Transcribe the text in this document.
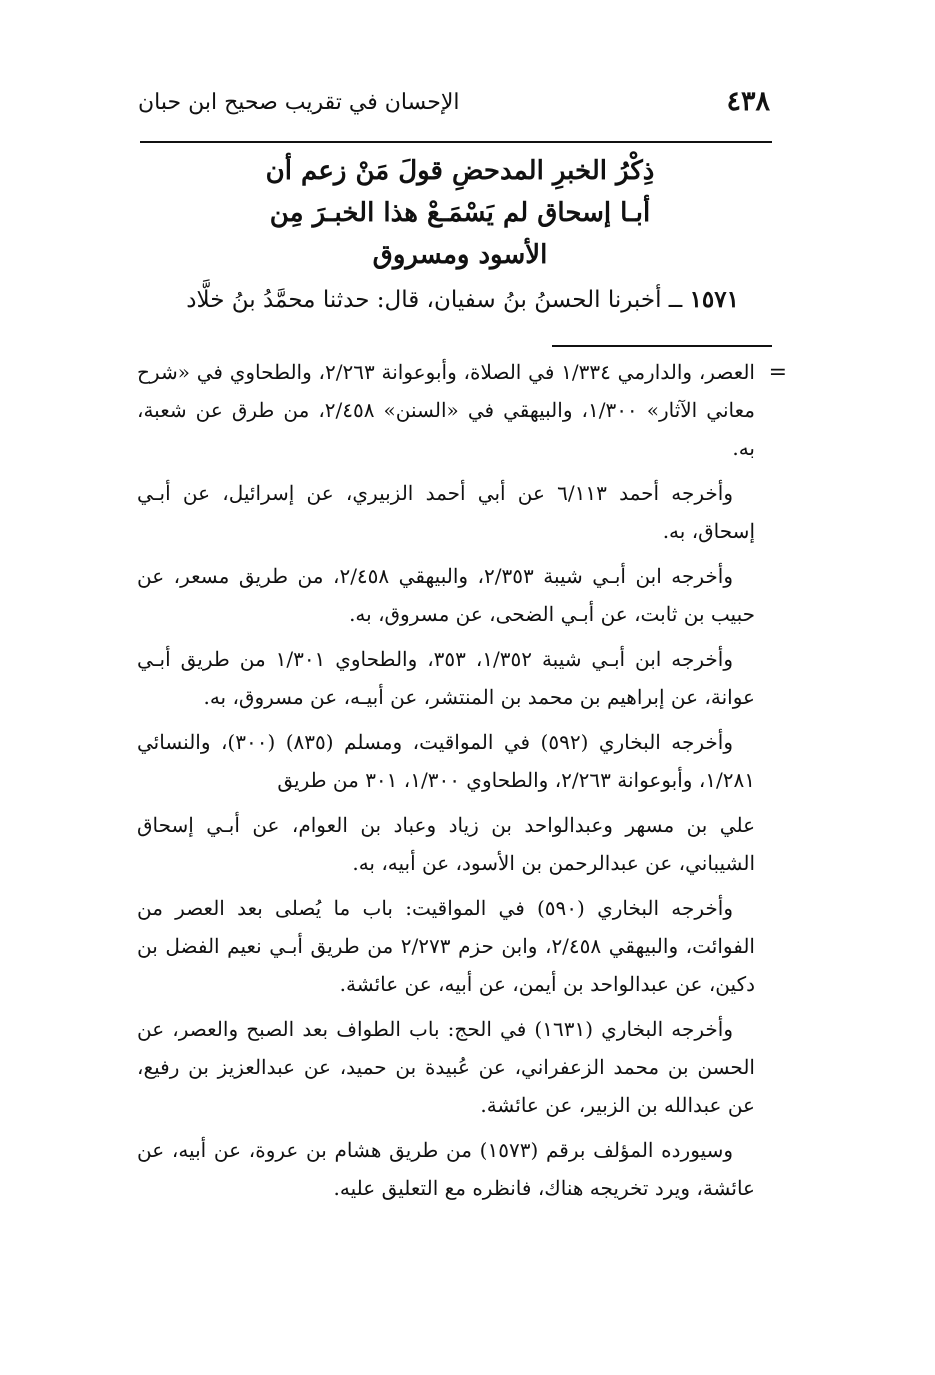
٤٣٨
الإحسان في تقريب صحيح ابن حبان
ذِكْرُ الخبرِ المدحضِ قولَ مَنْ زعم أن
أبـا إسحاق لم يَسْمَـعْ هذا الخبـرَ مِن
الأسود ومسروق
١٥٧١ ــ أخبرنا الحسنُ بنُ سفيان، قال: حدثنا محمَّدُ بنُ خلَّاد
=

العصر، والدارمي ١/٣٣٤ في الصلاة، وأبوعوانة ٢/٢٦٣، والطحاوي في «شرح معاني الآثار» ١/٣٠٠، والبيهقي في «السنن» ٢/٤٥٨، من طرق عن شعبة، به.

وأخرجه أحمد ٦/١١٣ عن أبي أحمد الزبيري، عن إسرائيل، عن أبـي إسحاق، به.

وأخرجه ابن أبـي شيبة ٢/٣٥٣، والبيهقي ٢/٤٥٨، من طريق مسعر، عن حبيب بن ثابت، عن أبـي الضحى، عن مسروق، به.

وأخرجه ابن أبـي شيبة ١/٣٥٢، ٣٥٣، والطحاوي ١/٣٠١ من طريق أبـي عوانة، عن إبراهيم بن محمد بن المنتشر، عن أبيـه، عن مسروق، به.

وأخرجه البخاري (٥٩٢) في المواقيت، ومسلم (٨٣٥) (٣٠٠)، والنسائي ١/٢٨١، وأبوعوانة ٢/٢٦٣، والطحاوي ١/٣٠٠، ٣٠١ من طريق

علي بن مسهر وعبدالواحد بن زياد وعباد بن العوام، عن أبـي إسحاق الشيباني، عن عبدالرحمن بن الأسود، عن أبيه، به.

وأخرجه البخاري (٥٩٠) في المواقيت: باب ما يُصلى بعد العصر من الفوائت، والبيهقي ٢/٤٥٨، وابن حزم ٢/٢٧٣ من طريق أبـي نعيم الفضل بن دكين، عن عبدالواحد بن أيمن، عن أبيه، عن عائشة.

وأخرجه البخاري (١٦٣١) في الحج: باب الطواف بعد الصبح والعصر، عن الحسن بن محمد الزعفراني، عن عُبيدة بن حميد، عن عبدالعزيز بن رفيع، عن عبدالله بن الزبير، عن عائشة.

وسيورده المؤلف برقم (١٥٧٣) من طريق هشام بن عروة، عن أبيه، عن عائشة، ويرد تخريجه هناك، فانظره مع التعليق عليه.
